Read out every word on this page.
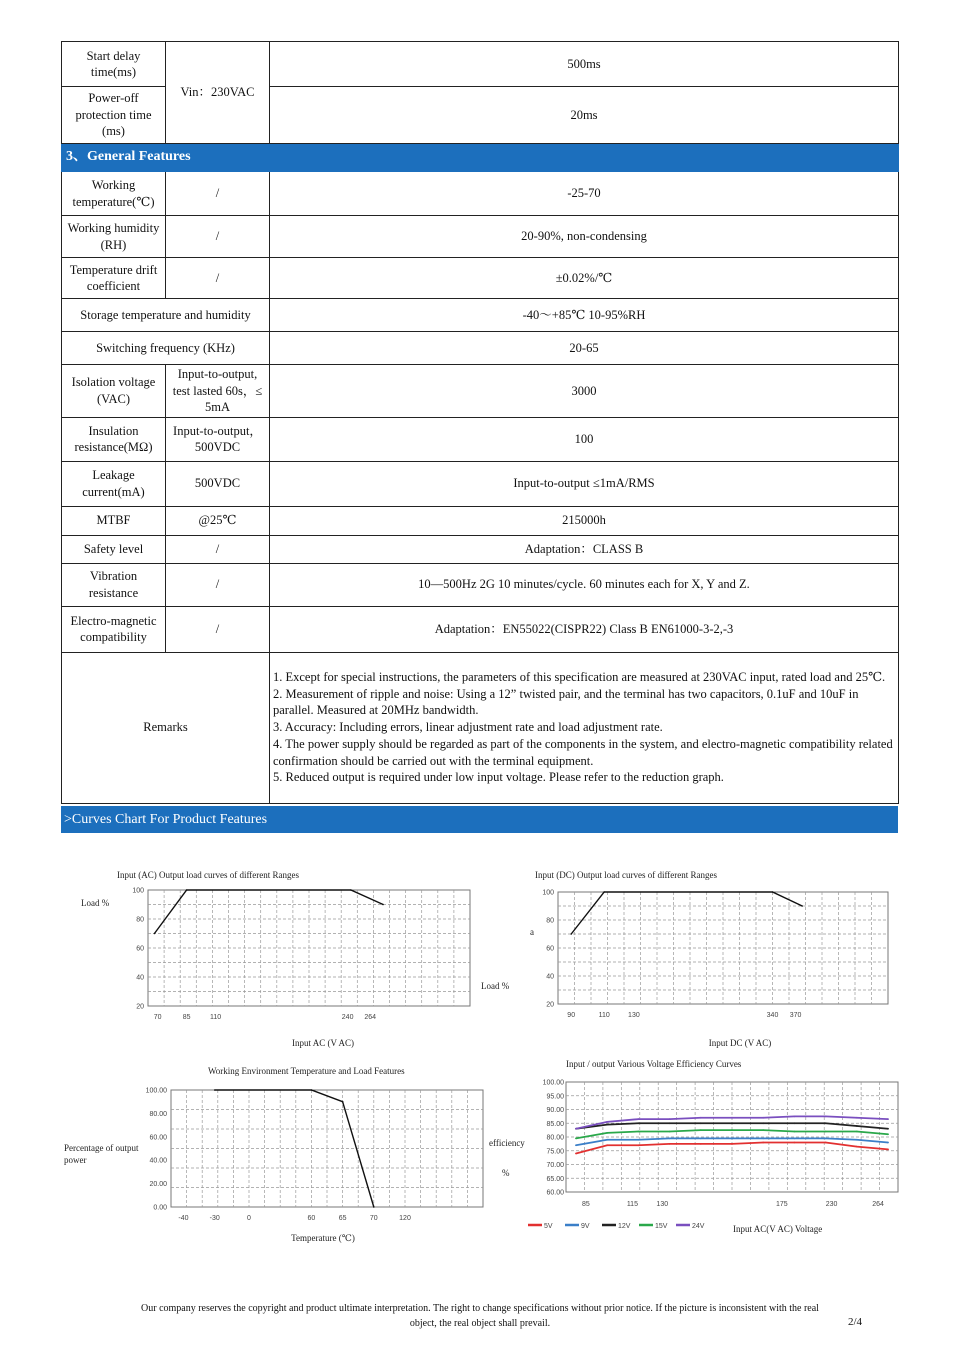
Start delay time(ms)	Vin：230VAC	500ms
Power-off protection time (ms)		20ms
3、General Features		
Working temperature(℃)	/	-25-70
Working humidity (RH)	/	20-90%, non-condensing
Temperature drift coefficient	/	±0.02%/℃
Storage temperature and humidity		-40～+85℃ 10-95%RH
Switching frequency (KHz)		20-65
Isolation voltage (VAC)	Input-to-output, test lasted 60s，≤ 5mA	3000
Insulation resistance(MΩ)	Input-to-output，500VDC	100
Leakage current(mA)	500VDC	Input-to-output ≤1mA/RMS
MTBF	@25℃	215000h
Safety level	/	Adaptation：CLASS B
Vibration resistance	/	10—500Hz 2G 10 minutes/cycle. 60 minutes each for X, Y and Z.
Electro-magnetic compatibility	/	Adaptation：EN55022(CISPR22) Class B EN61000-3-2,-3
Remarks		1. Except for special instructions, the parameters of this specification are measured at 230VAC input, rated load and 25℃.
2. Measurement of ripple and noise: Using a 12” twisted pair, and the terminal has two capacitors, 0.1uF and 10uF in parallel. Measured at 20MHz bandwidth.
3. Accuracy: Including errors, linear adjustment rate and load adjustment rate.
4. The power supply should be regarded as part of the components in the system, and electro-magnetic compatibility related confirmation should be carried out with the terminal equipment.
5. Reduced output is required under low input voltage. Please refer to the reduction graph.
>Curves Chart For Product Features
Input (AC) Output load curves of different Ranges
100
80
60
40
20
70	85	110	240 264
Input AC (V AC)
Load %
Input (DC) Output load curves of different Ranges
100
80
60
40
20
90	110	130	340 370
Input DC (V AC)
Load %
a
Working Environment Temperature and Load Features
100.00
80.00
60.00
40.00
20.00
0.00
-40	-30	0	60	65	70	120
Temperature (℃)
Percentage of output
power
Input / output Various Voltage Efficiency Curves
100.00
95.00
90.00
85.00
80.00
75.00
70.00
65.00
60.00
85	115	130	175	230	264
efficiency
%
5V	9V	12V	15V	24V	Input AC(V AC) Voltage
Our company reserves the copyright and product ultimate interpretation. The right to change specifications without prior notice. If the picture is inconsistent with the real
object, the real object shall prevail.	2/4
